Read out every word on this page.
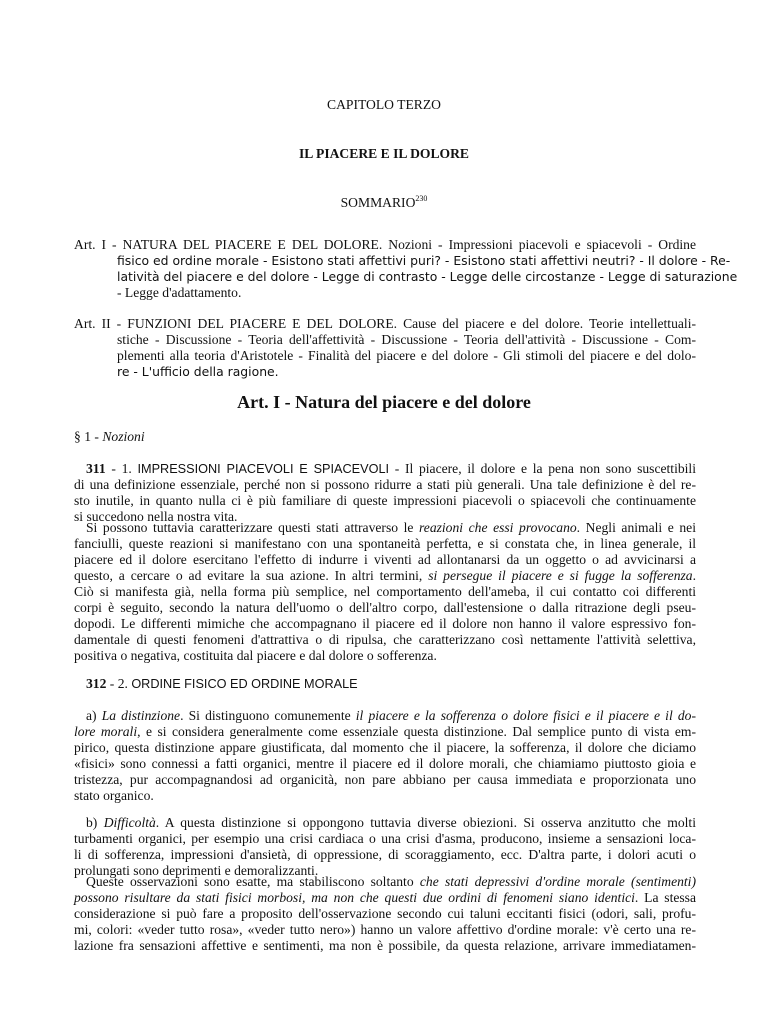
CAPITOLO TERZO
IL PIACERE E IL DOLORE
SOMMARIO$^{230}$
Art. I - NATURA DEL PIACERE E DEL DOLORE. Nozioni - Impressioni piacevoli e spiacevoli - Ordine
fisico ed ordine morale - Esistono stati affettivi puri? - Esistono stati affettivi neutri? - Il dolore - Re-
latività del piacere e del dolore - Legge di contrasto - Legge delle circostanze - Legge di saturazione
- Legge d'adattamento.
Art. II - FUNZIONI DEL PIACERE E DEL DOLORE. Cause del piacere e del dolore. Teorie intellettuali-
stiche - Discussione - Teoria dell'affettività - Discussione - Teoria dell'attività - Discussione - Com-
plementi alla teoria d'Aristotele - Finalità del piacere e del dolore - Gli stimoli del piacere e del dolo-
re - L'ufficio della ragione.
Art. I - Natura del piacere e del dolore
§ 1 - Nozioni
311 - 1. IMPRESSIONI PIACEVOLI E SPIACEVOLI - Il piacere, il dolore e la pena non sono suscettibili
di una definizione essenziale, perché non si possono ridurre a stati più generali. Una tale definizione è del re-
sto inutile, in quanto nulla ci è più familiare di queste impressioni piacevoli o spiacevoli che continuamente
si succedono nella nostra vita.
Si possono tuttavia caratterizzare questi stati attraverso le reazioni che essi provocano. Negli animali e nei
fanciulli, queste reazioni si manifestano con una spontaneità perfetta, e si constata che, in linea generale, il
piacere ed il dolore esercitano l'effetto di indurre i viventi ad allontanarsi da un oggetto o ad avvicinarsi a
questo, a cercare o ad evitare la sua azione. In altri termini, si persegue il piacere e si fugge la sofferenza.
Ciò si manifesta già, nella forma più semplice, nel comportamento dell'ameba, il cui contatto coi differenti
corpi è seguito, secondo la natura dell'uomo o dell'altro corpo, dall'estensione o dalla ritrazione degli pseu-
dopodi. Le differenti mimiche che accompagnano il piacere ed il dolore non hanno il valore espressivo fon-
damentale di questi fenomeni d'attrattiva o di ripulsa, che caratterizzano così nettamente l'attività selettiva,
positiva o negativa, costituita dal piacere e dal dolore o sofferenza.
312 - 2. ORDINE FISICO ED ORDINE MORALE
a) La distinzione. Si distinguono comunemente il piacere e la sofferenza o dolore fisici e il piacere e il do-
lore morali, e si considera generalmente come essenziale questa distinzione. Dal semplice punto di vista em-
pirico, questa distinzione appare giustificata, dal momento che il piacere, la sofferenza, il dolore che diciamo
«fisici» sono connessi a fatti organici, mentre il piacere ed il dolore morali, che chiamiamo piuttosto gioia e
tristezza, pur accompagnandosi ad organicità, non pare abbiano per causa immediata e proporzionata uno
stato organico.
b) Difficoltà. A questa distinzione si oppongono tuttavia diverse obiezioni. Si osserva anzitutto che molti
turbamenti organici, per esempio una crisi cardiaca o una crisi d'asma, producono, insieme a sensazioni loca-
li di sofferenza, impressioni d'ansietà, di oppressione, di scoraggiamento, ecc. D'altra parte, i dolori acuti o
prolungati sono deprimenti e demoralizzanti.
Queste osservazioni sono esatte, ma stabiliscono soltanto che stati depressivi d'ordine morale (sentimenti)
possono risultare da stati fisici morbosi, ma non che questi due ordini di fenomeni siano identici. La stessa
considerazione si può fare a proposito dell'osservazione secondo cui taluni eccitanti fisici (odori, sali, profu-
mi, colori: «veder tutto rosa», «veder tutto nero») hanno un valore affettivo d'ordine morale: v'è certo una re-
lazione fra sensazioni affettive e sentimenti, ma non è possibile, da questa relazione, arrivare immediatamen-
